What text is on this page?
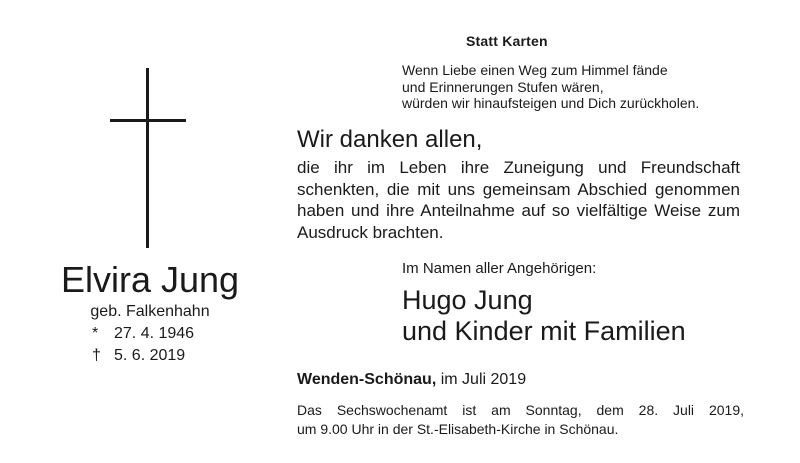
Statt Karten
Wenn Liebe einen Weg zum Himmel fände
und Erinnerungen Stufen wären,
würden wir hinaufsteigen und Dich zurückholen.
Wir danken allen,
die ihr im Leben ihre Zuneigung und Freundschaft
schenkten, die mit uns gemeinsam Abschied genommen
haben und ihre Anteilnahme auf so vielfältige Weise zum
Ausdruck brachten.
Elvira Jung
geb. Falkenhahn
* 27. 4. 1946
† 5. 6. 2019
Im Namen aller Angehörigen:
Hugo Jung
und Kinder mit Familien
Wenden-Schönau, im Juli 2019
Das Sechswochenamt ist am Sonntag, dem 28. Juli 2019,
um 9.00 Uhr in der St.-Elisabeth-Kirche in Schönau.
